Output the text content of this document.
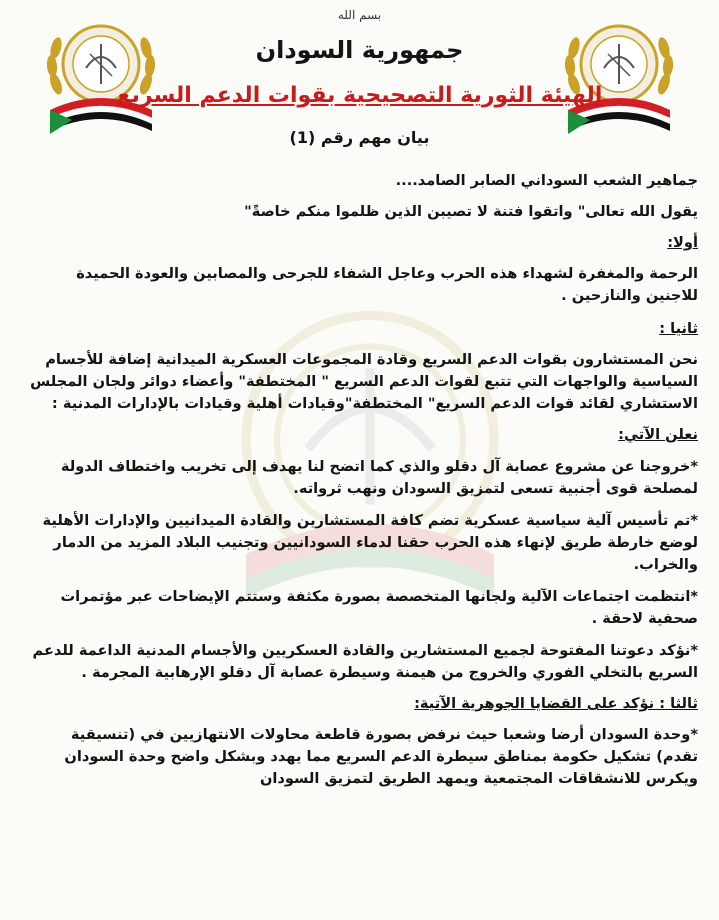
بسم الله
جمهورية السودان
الهيئة الثورية التصحيحية بقوات الدعم السريع
بيان مهم رقم (1)

جماهير الشعب السوداني الصابر الصامد....

يقول الله تعالى" واتقوا فتنة لا تصيبن الذين ظلموا منكم خاصةً"

أولا:

الرحمة والمغفرة لشهداء هذه الحرب وعاجل الشفاء للجرحى والمصابين والعودة الحميدة للاجنين والنازحين .

ثانيا :

نحن المستشارون بقوات الدعم السريع وقادة المجموعات العسكرية الميدانية إضافة للأجسام السياسية والواجهات التي تتبع لقوات الدعم السريع " المختطفة" وأعضاء دوائر ولجان المجلس الاستشاري لقائد قوات الدعم السريع" المختطفة"وقيادات أهلية وقيادات بالإدارات المدنية :

نعلن الآتي:

*خروجنا عن مشروع عصابة آل دقلو والذي كما اتضح لنا يهدف إلى تخريب واختطاف الدولة لمصلحة قوى أجنبية تسعى لتمزيق السودان ونهب ثرواته.

*تم تأسيس آلية سياسية عسكرية تضم كافة المستشارين والقادة الميدانيين والإدارات الأهلية لوضع خارطة طريق لإنهاء هذه الحرب حقنا لدماء السودانيين وتجنيب البلاد المزيد من الدمار والخراب.

*انتظمت اجتماعات الآلية ولجانها المتخصصة بصورة مكثفة وستتم الإيضاحات عبر مؤتمرات صحفية لاحقة .

*نؤكد دعوتنا المفتوحة لجميع المستشارين والقادة العسكريين والأجسام المدنية الداعمة للدعم السريع بالتخلي الفوري والخروج من هيمنة وسيطرة عصابة آل دقلو الإرهابية المجرمة .

ثالثا : نؤكد على القضايا الجوهرية الآتية:

*وحدة السودان أرضا وشعبا حيث نرفض بصورة قاطعة محاولات الانتهازيين في (تنسيقية تقدم) تشكيل حكومة بمناطق سيطرة الدعم السريع مما يهدد وبشكل واضح وحدة السودان ويكرس للانشقاقات المجتمعية ويمهد الطريق لتمزيق السودان
